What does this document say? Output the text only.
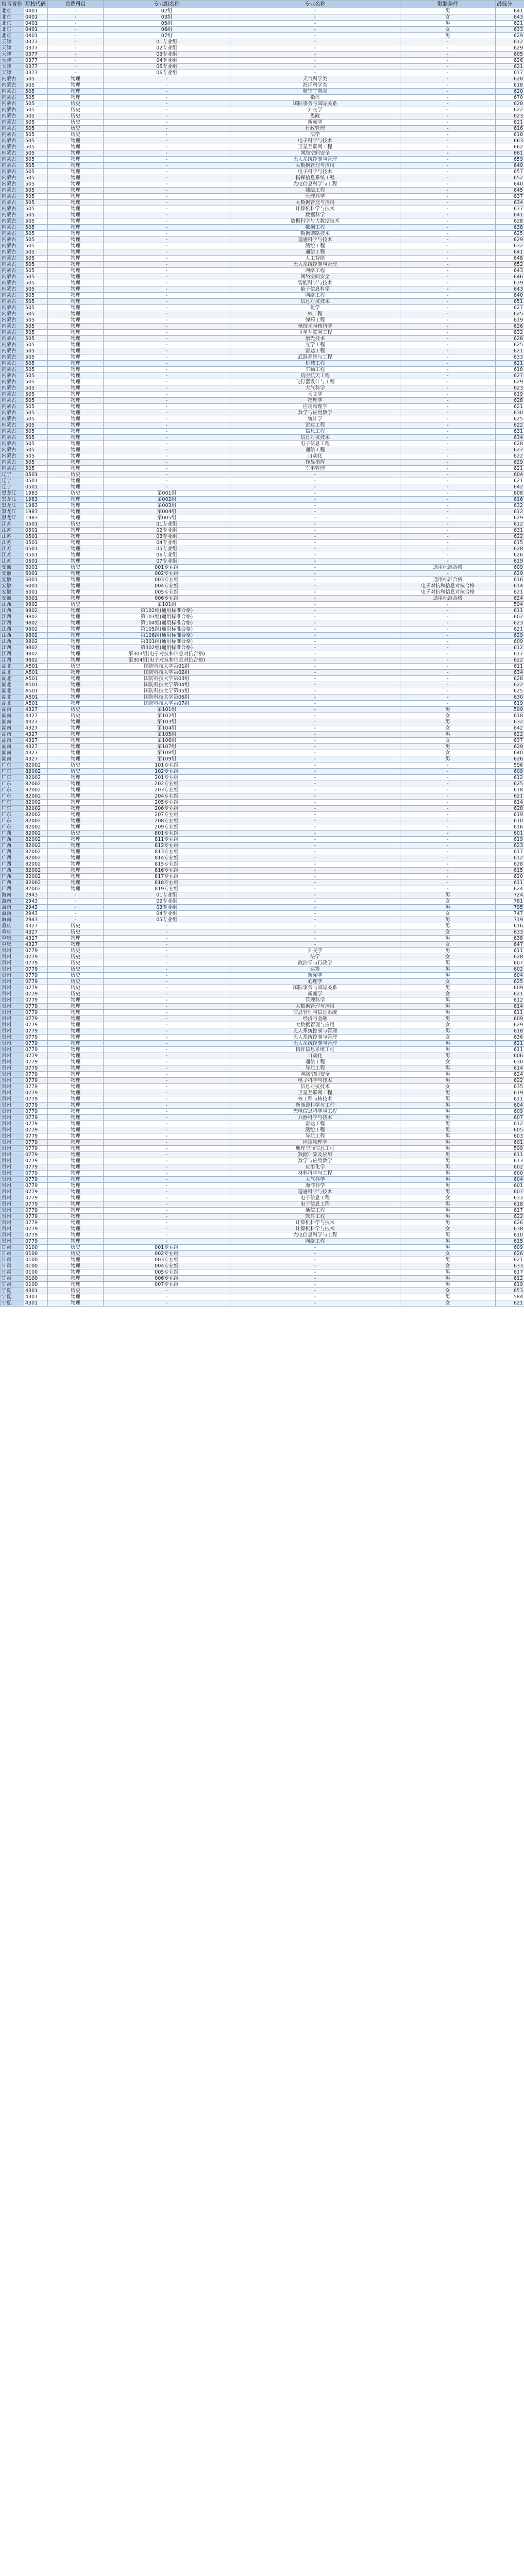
报考省份	院校代码	首选科目	专业组名称	专业名称	限制条件	最低分
北京	0401	-	02组	-	男	641
北京	0401	-	03组	-	女	643
北京	0401	-	05组	-	男	621
北京	0401	-	06组	-	女	633
北京	0401	-	07组	-	男	629
天津	0377	-	01专业组	-	-	612
天津	0377	-	02专业组	-	-	629
天津	0377	-	03专业组	-	-	605
天津	0377	-	04专业组	-	-	626
天津	0377	-	05专业组	-	-	621
天津	0377	-	06专业组	-	-	617
内蒙古	505	物理	-	天气科学类	-	628
内蒙古	505	物理	-	海洋科学类	-	618
内蒙古	505	物理	-	航空宇航类	-	620
内蒙古	505	物理	-	指挥	-	670
内蒙古	505	历史	-	国际事务与国际关系	-	628
内蒙古	505	历史	-	外交学	-	622
内蒙古	505	历史	-	思政	-	623
内蒙古	505	历史	-	新闻学	-	621
内蒙古	505	历史	-	行政管理	-	616
内蒙古	505	历史	-	法学	-	618
内蒙古	505	物理	-	电子科学与技术	-	663
内蒙古	505	物理	-	卫星互联网工程	-	662
内蒙古	505	物理	-	网络空间安全	-	661
内蒙古	505	物理	-	无人系统控制与管理	-	659
内蒙古	505	物理	-	大数据管理与应用	-	649
内蒙古	505	物理	-	电子科学与技术	-	657
内蒙古	505	物理	-	指挥信息系统工程	-	652
内蒙古	505	物理	-	光电信息科学与工程	-	640
内蒙古	505	物理	-	测绘工程	-	645
内蒙古	505	物理	-	管理科学	-	637
内蒙古	505	物理	-	大数据管理与应用	-	634
内蒙古	505	物理	-	计算机科学与技术	-	637
内蒙古	505	物理	-	数据科学	-	641
内蒙古	505	物理	-	数据科学与大数据技术	-	628
内蒙古	505	物理	-	数据工程	-	638
内蒙古	505	物理	-	数据链路技术	-	625
内蒙古	505	物理	-	遥感科学与技术	-	629
内蒙古	505	物理	-	测绘工程	-	632
内蒙古	505	物理	-	通信工程	-	641
内蒙古	505	物理	-	人工智能	-	648
内蒙古	505	物理	-	无人系统控制与管理	-	652
内蒙古	505	物理	-	网络工程	-	643
内蒙古	505	物理	-	网络空间安全	-	646
内蒙古	505	物理	-	智能科学与技术	-	639
内蒙古	505	物理	-	量子信息科学	-	643
内蒙古	505	物理	-	网络工程	-	640
内蒙古	505	物理	-	信息对抗技术	-	651
内蒙古	505	物理	-	化学	-	627
内蒙古	505	物理	-	核工程	-	625
内蒙古	505	物理	-	弹药工程	-	619
内蒙古	505	物理	-	核技术与核科学	-	626
内蒙古	505	物理	-	卫星互联网工程	-	632
内蒙古	505	物理	-	激光技术	-	628
内蒙古	505	物理	-	光学工程	-	625
内蒙古	505	物理	-	雷达工程	-	621
内蒙古	505	物理	-	武器系统与工程	-	633
内蒙古	505	物理	-	机械工程	-	621
内蒙古	505	物理	-	车辆工程	-	618
内蒙古	505	物理	-	航空航天工程	-	627
内蒙古	505	物理	-	飞行器设计与工程	-	629
内蒙古	505	物理	-	大气科学	-	623
内蒙古	505	物理	-	天文学	-	619
内蒙古	505	物理	-	物理学	-	628
内蒙古	505	物理	-	应用物理学	-	621
内蒙古	505	物理	-	数学与应用数学	-	630
内蒙古	505	物理	-	统计学	-	625
内蒙古	505	物理	-	雷达工程	-	622
内蒙古	505	物理	-	信息工程	-	631
内蒙古	505	物理	-	信息对抗技术	-	634
内蒙古	505	物理	-	电子信息工程	-	628
内蒙古	505	物理	-	通信工程	-	627
内蒙古	505	物理	-	自动化	-	622
内蒙古	505	物理	-	作战指挥	-	629
内蒙古	505	物理	-	军事管理	-	621
辽宁	0501	历史	-	-	-	604
辽宁	0501	物理	-	-	-	621
辽宁	0501	物理	-	-	-	642
黑龙江	1983	历史	第001组	-	-	608
黑龙江	1983	物理	第002组	-	-	616
黑龙江	1983	物理	第003组	-	-	632
黑龙江	1983	物理	第004组	-	-	612
黑龙江	1983	物理	第005组	-	-	629
江苏	0501	历史	01专业组	-	-	612
江苏	0501	物理	02专业组	-	-	631
江苏	0501	物理	03专业组	-	-	622
江苏	0501	物理	04专业组	-	-	615
江苏	0501	物理	05专业组	-	-	628
江苏	0501	物理	06专业组	-	-	626
江苏	0501	物理	07专业组	-	-	619
安徽	6001	历史	001专业组	-	通用标准合格	609
安徽	6001	物理	002专业组	-	-	629
安徽	6001	物理	003专业组	-	通用标准合格	616
安徽	6001	物理	004专业组	-	电子对抗和信息对抗合格	614
安徽	6001	物理	005专业组	-	电子对抗和信息对抗合格	621
安徽	6001	物理	006专业组	-	通用标准合格	624
江西	9802	历史	第101组	-	-	594
江西	9802	物理	第102组(通用标准合格)	-	-	611
江西	9802	物理	第103组(通用标准合格)	-	-	602
江西	9802	物理	第104组(通用标准合格)	-	-	623
江西	9802	物理	第105组(通用标准合格)	-	-	621
江西	9802	物理	第106组(通用标准合格)	-	-	629
江西	9802	物理	第301组(通用标准合格)	-	-	609
江西	9802	物理	第302组(通用标准合格)	-	-	612
江西	9802	物理	第303组(电子对抗和信息对抗合格)	-	-	617
江西	9802	物理	第304组(电子对抗和信息对抗合格)	-	-	622
湖北	A501	历史	国防科技大学第01组	-	-	611
湖北	A501	物理	国防科技大学第02组	-	-	634
湖北	A501	物理	国防科技大学第03组	-	-	628
湖北	A501	物理	国防科技大学第04组	-	-	622
湖北	A501	物理	国防科技大学第05组	-	-	625
湖北	A501	物理	国防科技大学第06组	-	-	630
湖北	A501	物理	国防科技大学第07组	-	-	619
湖南	4327	历史	第101组	-	男	599
湖南	4327	历史	第102组	-	女	618
湖南	4327	物理	第103组	-	男	632
湖南	4327	物理	第104组	-	女	642
湖南	4327	物理	第105组	-	男	622
湖南	4327	物理	第106组	-	女	637
湖南	4327	物理	第107组	-	男	629
湖南	4327	物理	第108组	-	女	640
湖南	4327	物理	第109组	-	男	626
广东	82002	历史	101专业组	-	-	596
广东	82002	历史	102专业组	-	-	609
广东	82002	物理	201专业组	-	-	612
广东	82002	物理	202专业组	-	-	625
广东	82002	物理	203专业组	-	-	618
广东	82002	物理	204专业组	-	-	621
广东	82002	物理	205专业组	-	-	614
广东	82002	物理	206专业组	-	-	628
广东	82002	物理	207专业组	-	-	619
广东	82002	物理	208专业组	-	-	610
广东	82002	物理	209专业组	-	-	616
广西	82002	历史	801专业组	-	-	601
广西	82002	物理	811专业组	-	-	619
广西	82002	物理	812专业组	-	-	623
广西	82002	物理	813专业组	-	-	617
广西	82002	物理	814专业组	-	-	612
广西	82002	物理	815专业组	-	-	628
广西	82002	物理	816专业组	-	-	615
广西	82002	物理	817专业组	-	-	620
广西	82002	物理	818专业组	-	-	611
广西	82002	物理	819专业组	-	-	624
海南	2943	-	01专业组	-	男	724
海南	2943	-	02专业组	-	女	781
海南	2943	-	03专业组	-	男	795
海南	2943	-	04专业组	-	女	747
海南	2943	-	05专业组	-	男	719
重庆	4327	历史	-	-	男	616
重庆	4327	历史	-	-	女	633
重庆	4327	物理	-	-	男	638
重庆	4327	物理	-	-	女	647
贵州	0779	历史	-	外交学	男	611
贵州	0779	历史	-	法学	女	628
贵州	0779	历史	-	政治学与行政学	男	607
贵州	0779	历史	-	运筹	男	602
贵州	0779	历史	-	新闻学	男	604
贵州	0779	历史	-	心理学	女	625
贵州	0779	历史	-	国际事务与国际关系	男	609
贵州	0779	历史	-	新闻学	女	621
贵州	0779	物理	-	管理科学	男	612
贵州	0779	物理	-	大数据管理与应用	男	614
贵州	0779	物理	-	信息管理与信息系统	男	611
贵州	0779	物理	-	经济与金融	男	609
贵州	0779	物理	-	大数据管理与应用	女	629
贵州	0779	物理	-	无人系统控制与管理	男	618
贵州	0779	物理	-	无人系统控制与管理	女	636
贵州	0779	物理	-	无人系统控制与管理	男	621
贵州	0779	物理	-	指挥信息系统工程	男	611
贵州	0779	物理	-	自动化	男	606
贵州	0779	物理	-	通信工程	女	630
贵州	0779	物理	-	导航工程	男	614
贵州	0779	物理	-	网络空间安全	男	624
贵州	0779	物理	-	电子科学与技术	男	622
贵州	0779	物理	-	信息对抗技术	女	635
贵州	0779	物理	-	卫星互联网工程	男	619
贵州	0779	物理	-	核工程与核技术	男	611
贵州	0779	物理	-	新能源科学与工程	男	604
贵州	0779	物理	-	光电信息科学与工程	男	609
贵州	0779	物理	-	兵器科学与技术	男	607
贵州	0779	物理	-	雷达工程	男	612
贵州	0779	物理	-	测绘工程	男	605
贵州	0779	物理	-	导航工程	男	603
贵州	0779	物理	-	应用物理学	男	601
贵州	0779	物理	-	地理空间信息工程	男	599
贵州	0779	物理	-	数据计算及应用	男	611
贵州	0779	物理	-	数学与应用数学	男	613
贵州	0779	物理	-	应用化学	男	602
贵州	0779	物理	-	材料科学与工程	男	600
贵州	0779	物理	-	大气科学	男	604
贵州	0779	物理	-	海洋科学	男	601
贵州	0779	物理	-	遥感科学与技术	男	607
贵州	0779	物理	-	电子信息工程	女	633
贵州	0779	物理	-	电子信息工程	男	618
贵州	0779	物理	-	通信工程	男	617
贵州	0779	物理	-	软件工程	男	622
贵州	0779	物理	-	计算机科学与技术	男	626
贵州	0779	物理	-	计算机科学与技术	女	638
贵州	0779	物理	-	光电信息科学与工程	男	610
贵州	0779	物理	-	网络工程	男	615
甘肃	0100	历史	001专业组	-	男	609
甘肃	0100	历史	002专业组	-	女	626
甘肃	0100	物理	003专业组	-	男	621
甘肃	0100	物理	004专业组	-	女	633
甘肃	0100	物理	005专业组	-	男	617
甘肃	0100	物理	006专业组	-	男	612
甘肃	0100	物理	007专业组	-	男	619
宁夏	4301	历史	-	-	女	653
宁夏	4301	物理	-	-	男	584
宁夏	4301	物理	-	-	女	621
